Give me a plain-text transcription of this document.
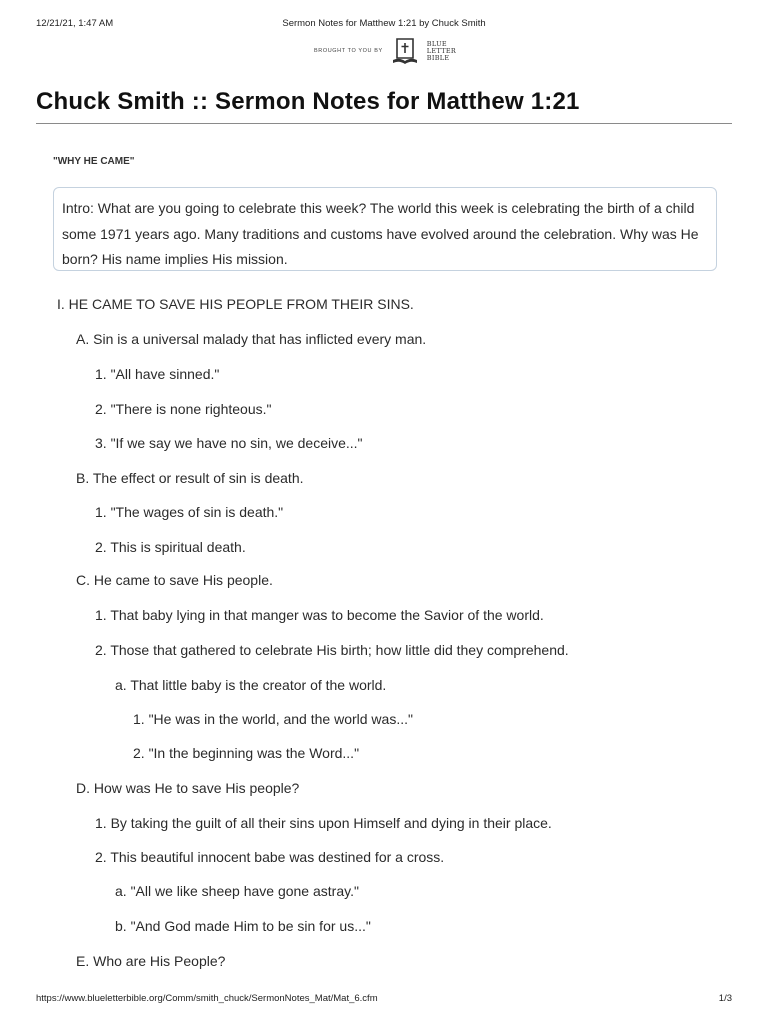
12/21/21, 1:47 AM	Sermon Notes for Matthew 1:21 by Chuck Smith
BROUGHT TO YOU BY
BLUE
LETTER
BIBLE
Chuck Smith :: Sermon Notes for Matthew 1:21
"WHY HE CAME"
Intro: What are you going to celebrate this week? The world this week is celebrating the birth of a child some 1971 years ago. Many traditions and customs have evolved around the celebration. Why was He born? His name implies His mission.
I. HE CAME TO SAVE HIS PEOPLE FROM THEIR SINS.
A. Sin is a universal malady that has inflicted every man.
1. "All have sinned."
2. "There is none righteous."
3. "If we say we have no sin, we deceive..."
B. The effect or result of sin is death.
1. "The wages of sin is death."
2. This is spiritual death.
C. He came to save His people.
1. That baby lying in that manger was to become the Savior of the world.
2. Those that gathered to celebrate His birth; how little did they comprehend.
a. That little baby is the creator of the world.
1. "He was in the world, and the world was..."
2. "In the beginning was the Word..."
D. How was He to save His people?
1. By taking the guilt of all their sins upon Himself and dying in their place.
2. This beautiful innocent babe was destined for a cross.
a. "All we like sheep have gone astray."
b. "And God made Him to be sin for us..."
E. Who are His People?
https://www.blueletterbible.org/Comm/smith_chuck/SermonNotes_Mat/Mat_6.cfm	1/3
